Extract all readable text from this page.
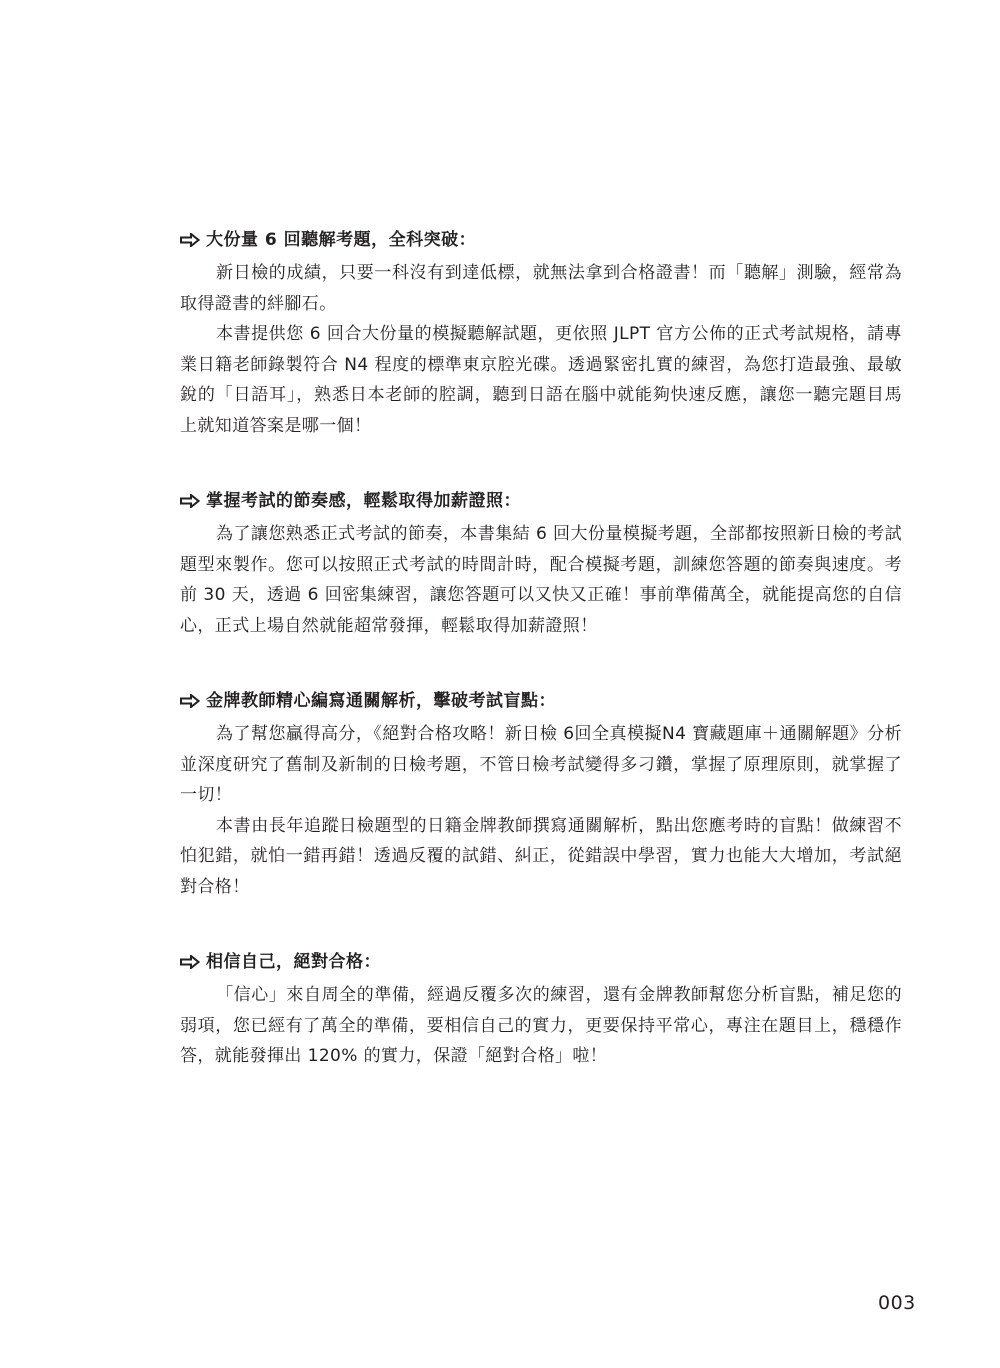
大份量 6 回聽解考題，全科突破：

新日檢的成績，只要一科沒有到達低標，就無法拿到合格證書！而「聽解」測驗，經常為取得證書的絆腳石。

本書提供您 6 回合大份量的模擬聽解試題，更依照 JLPT 官方公佈的正式考試規格，請專業日籍老師錄製符合 N4 程度的標準東京腔光碟。透過緊密扎實的練習，為您打造最強、最敏銳的「日語耳」，熟悉日本老師的腔調，聽到日語在腦中就能夠快速反應，讓您一聽完題目馬上就知道答案是哪一個！

掌握考試的節奏感，輕鬆取得加薪證照：

為了讓您熟悉正式考試的節奏，本書集結 6 回大份量模擬考題，全部都按照新日檢的考試題型來製作。您可以按照正式考試的時間計時，配合模擬考題，訓練您答題的節奏與速度。考前 30 天，透過 6 回密集練習，讓您答題可以又快又正確！事前準備萬全，就能提高您的自信心，正式上場自然就能超常發揮，輕鬆取得加薪證照！

金牌教師精心編寫通關解析，擊破考試盲點：

為了幫您贏得高分，《絕對合格攻略！新日檢 6回全真模擬N4 寶藏題庫＋通關解題》分析並深度研究了舊制及新制的日檢考題，不管日檢考試變得多刁鑽，掌握了原理原則，就掌握了一切！

本書由長年追蹤日檢題型的日籍金牌教師撰寫通關解析，點出您應考時的盲點！做練習不怕犯錯，就怕一錯再錯！透過反覆的試錯、糾正，從錯誤中學習，實力也能大大增加，考試絕對合格！

相信自己，絕對合格：

「信心」來自周全的準備，經過反覆多次的練習，還有金牌教師幫您分析盲點，補足您的弱項，您已經有了萬全的準備，要相信自己的實力，更要保持平常心，專注在題目上，穩穩作答，就能發揮出 120% 的實力，保證「絕對合格」啦！

003
